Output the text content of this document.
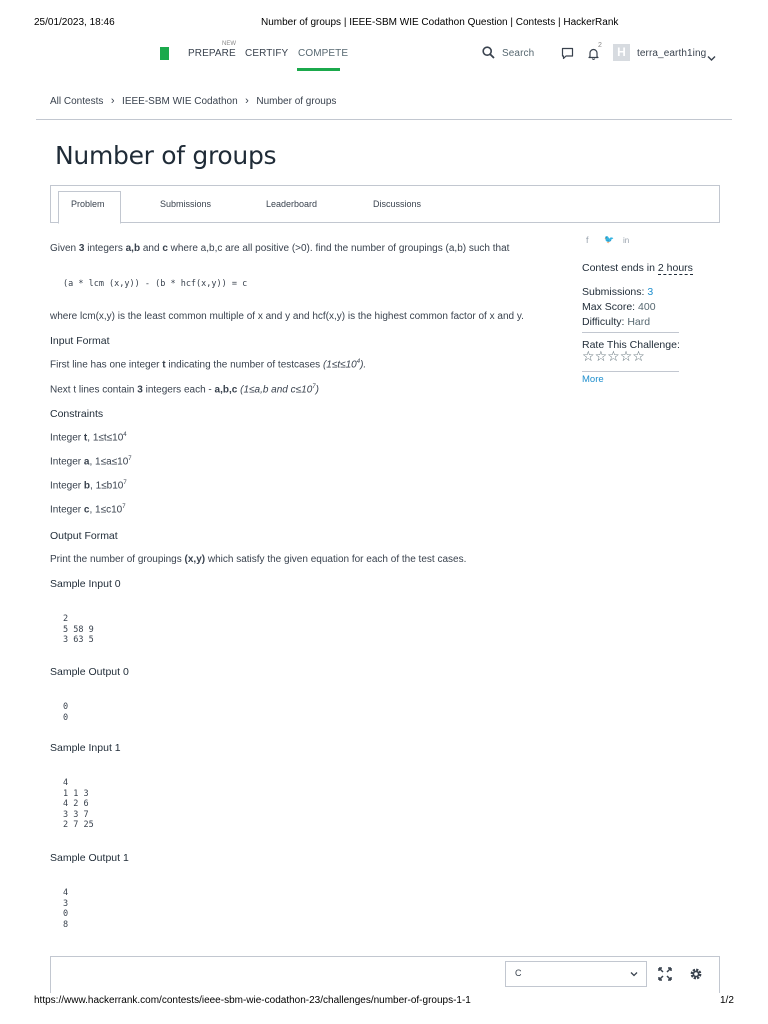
25/01/2023, 18:46	Number of groups | IEEE-SBM WIE Codathon Question | Contests | HackerRank
PREPARE
NEW
CERTIFY COMPETE	Search
2	H	terra_earth1ing
All Contests  ›  IEEE-SBM WIE Codathon  ›  Number of groups
Number of groups
Problem	Submissions	Leaderboard	Discussions
Given 3 integers a,b and c where a,b,c are all positive (>0). find the number of groupings (a,b) such that
(a * lcm (x,y)) - (b * hcf(x,y)) = c
where lcm(x,y) is the least common multiple of x and y and hcf(x,y) is the highest common factor of x and y.
Input Format
First line has one integer t indicating the number of testcases $(1\le t\le 10^4)$.
Next t lines contain 3 integers each - a,b,c (1≤a,b and $c\le 10^7$)
Constraints
Integer t, $1\le t\le 10^4$
Integer a, $1\le a\le 10^7$
Integer b, $1\le b10^7$
Integer c, $1\le c10^7$
Output Format
Print the number of groupings (x,y) which satisfy the given equation for each of the test cases.
Sample Input 0
2
5 58 9
3 63 5
Sample Output 0
0
0
Sample Input 1
4
1 1 3
4 2 6
3 3 7
2 7 25
Sample Output 1
4
3
0
8
f 🐦 in
Contest ends in 2 hours
Submissions: 3
Max Score: 400
Difficulty: Hard
Rate This Challenge:
☆☆☆☆☆
More
C
https://www.hackerrank.com/contests/ieee-sbm-wie-codathon-23/challenges/number-of-groups-1-1	1/2
